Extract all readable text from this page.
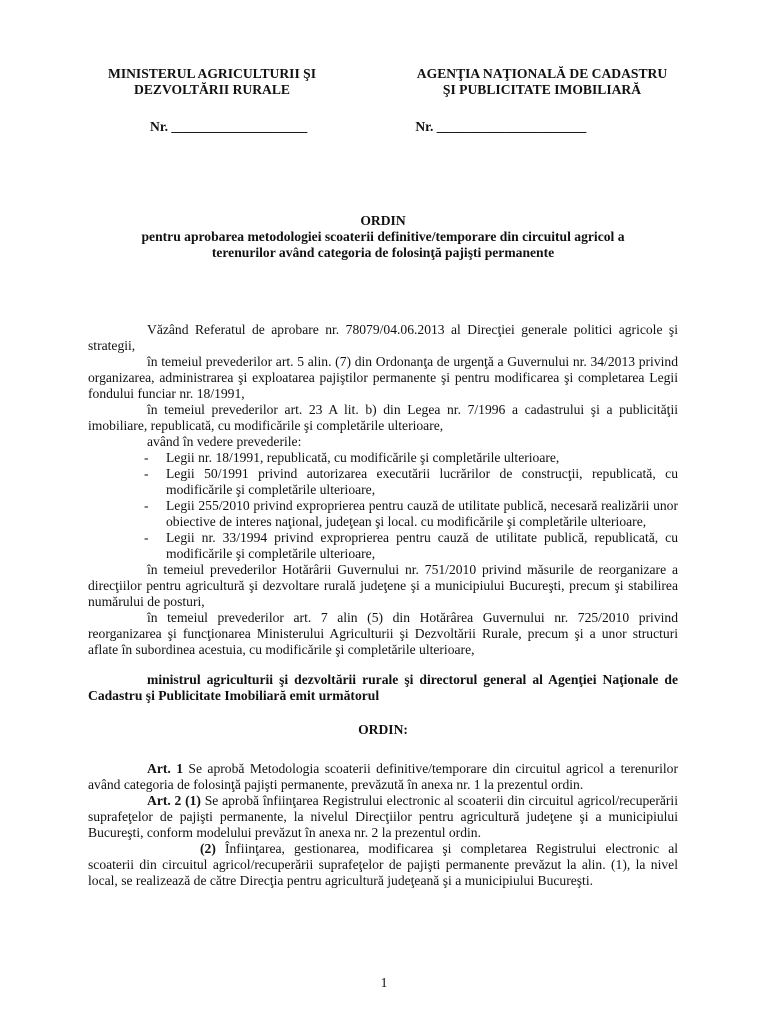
MINISTERUL AGRICULTURII ŞI
DEZVOLTĂRII RURALE
AGENŢIA NAŢIONALĂ DE CADASTRU
ŞI PUBLICITATE IMOBILIARĂ
Nr. ____________________	Nr. ______________________
ORDIN
pentru aprobarea metodologiei scoaterii definitive/temporare din circuitul agricol a
terenurilor având categoria de folosinţă pajişti permanente

Văzând Referatul de aprobare nr. 78079/04.06.2013 al Direcţiei generale politici agricole şi strategii,

în temeiul prevederilor art. 5 alin. (7) din Ordonanţa de urgenţă a Guvernului nr. 34/2013 privind organizarea, administrarea şi exploatarea pajiştilor permanente şi pentru modificarea şi completarea Legii fondului funciar nr. 18/1991,

în temeiul prevederilor art. 23 A lit. b) din Legea nr. 7/1996 a cadastrului şi a publicităţii imobiliare, republicată, cu modificările şi completările ulterioare,

având în vedere prevederile:

-	Legii nr. 18/1991, republicată, cu modificările şi completările ulterioare,
-	Legii 50/1991 privind autorizarea executării lucrărilor de construcţii, republicată, cu modificările şi completările ulterioare,
-	Legii 255/2010 privind exproprierea pentru cauză de utilitate publică, necesară realizării unor obiective de interes naţional, judeţean şi local. cu modificările şi completările ulterioare,
-	Legii nr. 33/1994 privind exproprierea pentru cauză de utilitate publică, republicată, cu modificările şi completările ulterioare,

în temeiul prevederilor Hotărârii Guvernului nr. 751/2010 privind măsurile de reorganizare a direcţiilor pentru agricultură şi dezvoltare rurală judeţene şi a municipiului Bucureşti, precum şi stabilirea numărului de posturi,

în temeiul prevederilor art. 7 alin (5) din Hotărârea Guvernului nr. 725/2010 privind reorganizarea şi funcţionarea Ministerului Agriculturii şi Dezvoltării Rurale, precum şi a unor structuri aflate în subordinea acestuia, cu modificările şi completările ulterioare,

ministrul agriculturii şi dezvoltării rurale şi directorul general al Agenţiei Naţionale de Cadastru şi Publicitate Imobiliară emit următorul

ORDIN:

Art. 1 Se aprobă Metodologia scoaterii definitive/temporare din circuitul agricol a terenurilor având categoria de folosinţă pajişti permanente, prevăzută în anexa nr. 1 la prezentul ordin.

Art. 2 (1) Se aprobă înfiinţarea Registrului electronic al scoaterii din circuitul agricol/recuperării suprafeţelor de pajişti permanente, la nivelul Direcţiilor pentru agricultură judeţene şi a municipiului Bucureşti, conform modelului prevăzut în anexa nr. 2 la prezentul ordin.

(2) Înfiinţarea, gestionarea, modificarea şi completarea Registrului electronic al scoaterii din circuitul agricol/recuperării suprafeţelor de pajişti permanente prevăzut la alin. (1), la nivel local, se realizează de către Direcţia pentru agricultură judeţeană şi a municipiului Bucureşti.

1
